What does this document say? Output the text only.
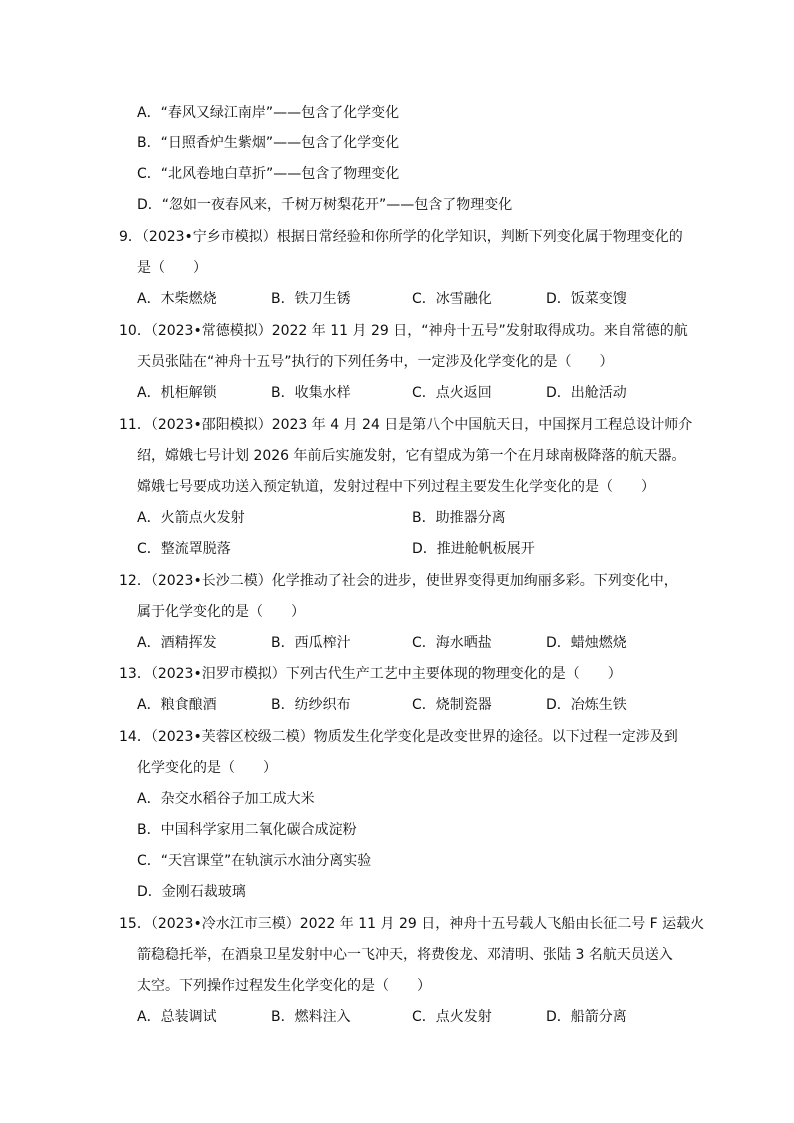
A．“春风又绿江南岸”——包含了化学变化
B．“日照香炉生紫烟”——包含了化学变化
C．“北风卷地白草折”——包含了物理变化
D．“忽如一夜春风来，千树万树梨花开”——包含了物理变化
9．（2023•宁乡市模拟）根据日常经验和你所学的化学知识，判断下列变化属于物理变化的
是（　　）
A．木柴燃烧	B．铁刀生锈	C．冰雪融化	D．饭菜变馊
10．（2023•常德模拟）2022 年 11 月 29 日，“神舟十五号”发射取得成功。来自常德的航
天员张陆在“神舟十五号”执行的下列任务中，一定涉及化学变化的是（　　）
A．机柜解锁	B．收集水样	C．点火返回	D．出舱活动
11．（2023•邵阳模拟）2023 年 4 月 24 日是第八个中国航天日，中国探月工程总设计师介
绍，嫦娥七号计划 2026 年前后实施发射，它有望成为第一个在月球南极降落的航天器。
嫦娥七号要成功送入预定轨道，发射过程中下列过程主要发生化学变化的是（　　）
A．火箭点火发射	B．助推器分离
C．整流罩脱落	D．推进舱帆板展开
12．（2023•长沙二模）化学推动了社会的进步，使世界变得更加绚丽多彩。下列变化中，
属于化学变化的是（　　）
A．酒精挥发	B．西瓜榨汁	C．海水晒盐	D．蜡烛燃烧
13．（2023•汨罗市模拟）下列古代生产工艺中主要体现的物理变化的是（　　）
A．粮食酿酒	B．纺纱织布	C．烧制瓷器	D．冶炼生铁
14．（2023•芙蓉区校级二模）物质发生化学变化是改变世界的途径。以下过程一定涉及到
化学变化的是（　　）
A．杂交水稻谷子加工成大米
B．中国科学家用二氧化碳合成淀粉
C．“天宫课堂”在轨演示水油分离实验
D．金刚石裁玻璃
15．（2023•冷水江市三模）2022 年 11 月 29 日，神舟十五号载人飞船由长征二号 F 运载火
箭稳稳托举，在酒泉卫星发射中心一飞冲天，将费俊龙、邓清明、张陆 3 名航天员送入
太空。下列操作过程发生化学变化的是（　　）
A．总装调试	B．燃料注入	C．点火发射	D．船箭分离
